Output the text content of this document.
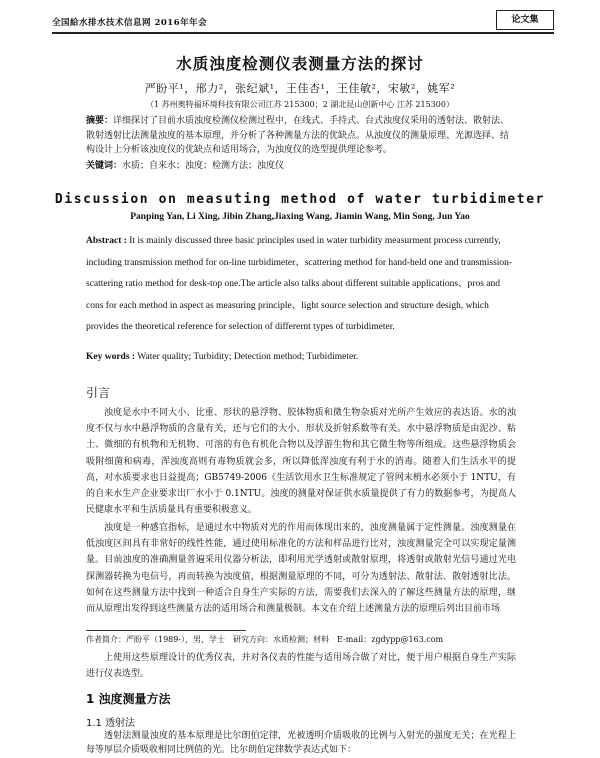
全国給水排水技术信息网 2016年年会	论文集
水质浊度检测仪表测量方法的探讨
严盼平¹，邢力²，张纪斌¹，王佳杏¹，王佳敏²，宋敏²，姚军²
（1 苏州奥特福环境科技有限公司江苏 215300；2 湖北昆山创新中心 江苏 215300）
摘要：详细探讨了目前水质浊度检测仪检测过程中，在线式、手持式、台式浊度仪采用的透射法、散射法、散射透射比法测量浊度的基本原理，并分析了各种测量方法的优缺点。从浊度仪的测量原理、光源选择、结构设计上分析该浊度仪的优缺点和适用场合，为浊度仪的选型提供理论参考。
关键词：水质；自来水；浊度；检测方法；浊度仪
Discussion on measuting method of water turbidimeter
Panping Yan, Li Xing, Jibin Zhang,Jiaxing Wang, Jiamin Wang, Min Song, Jun Yao
Abstract : It is mainly discussed three basic principles used in water turbidity measurment process currently, including transmission method for on-line turbidimeter、scattering method for hand-held one and transmission-scattering ratio method for desk-top one.The article also talks about different suitable applications、pros and cons for each method in aspect as measuring principle、light source selection and structure desigh, which provides the theoretical reference for selection of differernt types of turbidimeter.
Key words : Water quality; Turbidity; Detection method; Turbidimeter.
引言
浊度是水中不同大小、比重、形状的悬浮物、胶体物质和微生物杂质对光所产生效应的表达语。水的浊度不仅与水中悬浮物质的含量有关，还与它们的大小、形状及折射系数等有关。水中悬浮物质是由泥沙、粘土、微细的有机物和无机物、可溶的有色有机化合物以及浮游生物和其它微生物等所组成。这些悬浮物质会吸附细菌和病毒，浑浊度高则有毒物质就会多，所以降低浑浊度有利于水的消毒。随着人们生活水平的提高，对水质要求也日益提高；GB5749-2006《生活饮用水卫生标准规定了管网末梢水必须小于 1NTU，有的自来水生产企业要求出厂水小于 0.1NTU。浊度的测量对保证供水质量提供了有力的数据参考，为提高人民健康水平和生活质量具有重要积极意义。
浊度是一种感官指标，是通过水中物质对光的作用而体现出来的，浊度测量属于定性测量。浊度测量在低浊度区间具有非常好的线性性能，通过使用标准化的方法和样品进行比对，浊度测量完全可以实现定量测量。目前浊度的准确测量普遍采用仪器分析法，即利用光学透射或散射原理，将透射或散射光信号通过光电探测器转换为电信号，再而转换为浊度值，根据测量原理的不同，可分为透射法、散射法、散射透射比法。如何在这些测量方法中找到一种适合自身生产实际的方法，需要我们去深入的了解这些测量方法的原理，继而从原理出发得到这些测量方法的适用场合和测量极制。本文在介绍上述测量方法的原理后列出目前市场
作者简介：严盼平（1989-），男，学士　研究方向：水质检测；材料　E-mail：zgdypp@163.com
上使用这些原理设计的优秀仪表，并对各仪表的性能与适用场合做了对比，便于用户根据自身生产实际进行仪表选型。
1 浊度测量方法
1.1 透射法
透射法测量浊度的基本原理是比尔朗伯定律，光被透明介质吸收的比例与入射光的强度无关；在光程上每等厚层介质吸收相同比例值的光。比尔朗伯定律数学表达式如下：
